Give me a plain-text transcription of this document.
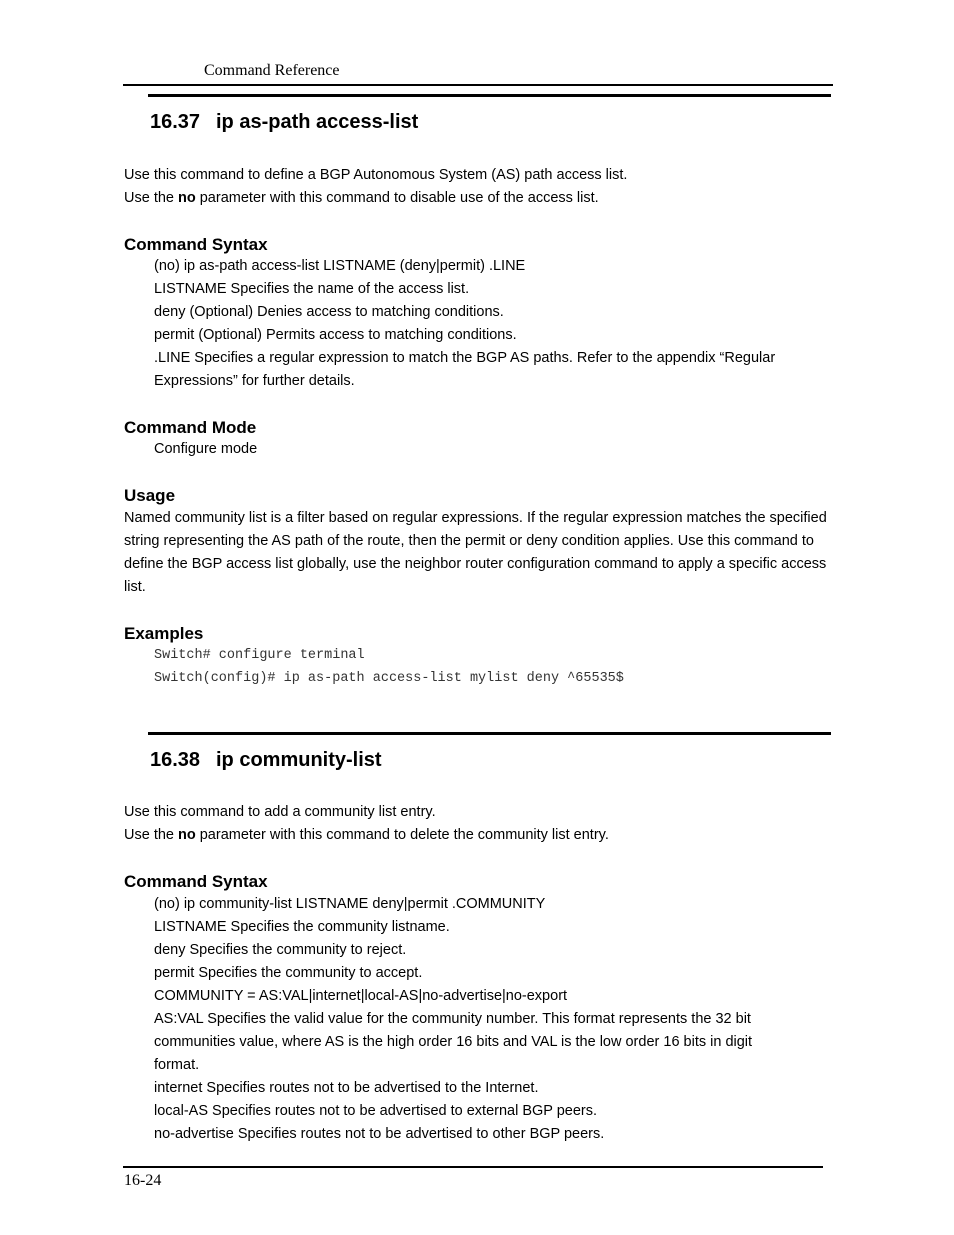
Command Reference
16.37 ip as-path access-list
Use this command to define a BGP Autonomous System (AS) path access list.
Use the no parameter with this command to disable use of the access list.
Command Syntax
(no) ip as-path access-list LISTNAME (deny|permit) .LINE
LISTNAME Specifies the name of the access list.
deny (Optional) Denies access to matching conditions.
permit (Optional) Permits access to matching conditions.
.LINE Specifies a regular expression to match the BGP AS paths. Refer to the appendix “Regular
Expressions” for further details.
Command Mode
Configure mode
Usage
Named community list is a filter based on regular expressions. If the regular expression matches the specified string representing the AS path of the route, then the permit or deny condition applies. Use this command to define the BGP access list globally, use the neighbor router configuration command to apply a specific access list.
Examples
Switch# configure terminal
Switch(config)# ip as-path access-list mylist deny ^65535$
16.38 ip community-list
Use this command to add a community list entry.
Use the no parameter with this command to delete the community list entry.
Command Syntax
(no) ip community-list LISTNAME deny|permit .COMMUNITY
LISTNAME Specifies the community listname.
deny Specifies the community to reject.
permit Specifies the community to accept.
COMMUNITY = AS:VAL|internet|local-AS|no-advertise|no-export
AS:VAL Specifies the valid value for the community number. This format represents the 32 bit
communities value, where AS is the high order 16 bits and VAL is the low order 16 bits in digit
format.
internet Specifies routes not to be advertised to the Internet.
local-AS Specifies routes not to be advertised to external BGP peers.
no-advertise Specifies routes not to be advertised to other BGP peers.
16-24
